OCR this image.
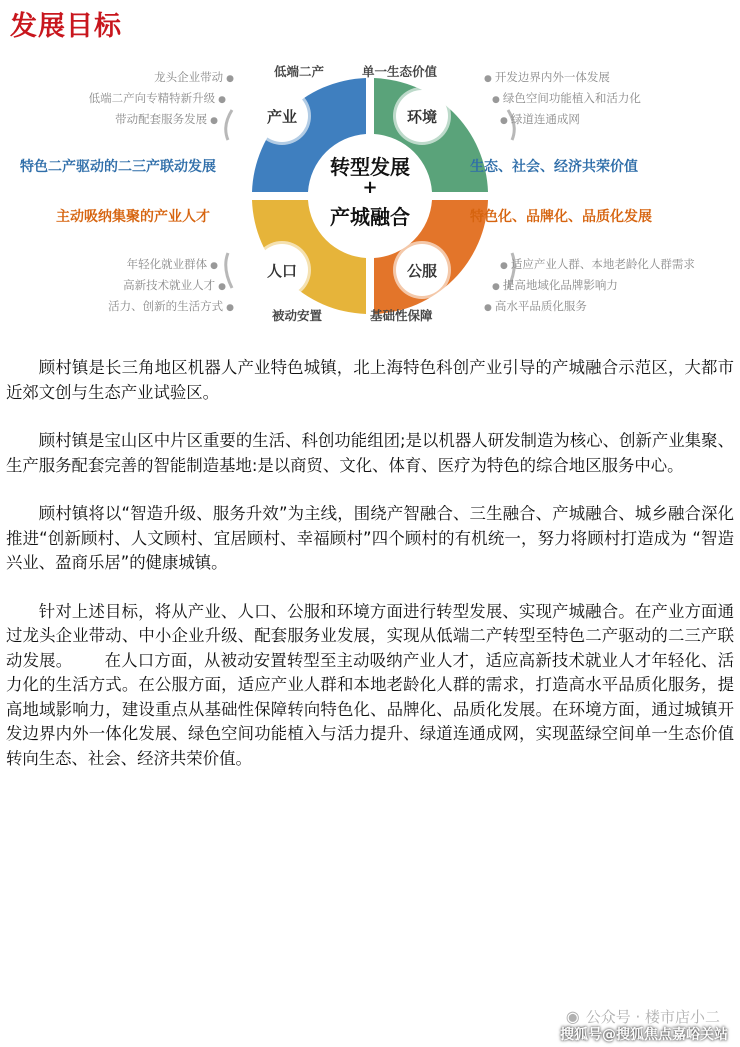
发展目标
产业	环境
人口	公服
转型发展
+
产城融合
低端二产	单一生态价值
被动安置	基础性保障
龙头企业带动 ●
低端二产向专精特新升级 ●
带动配套服务发展 ●
特色二产驱动的二三产联动发展
主动吸纳集聚的产业人才
年轻化就业群体 ●
高新技术就业人才 ●
活力、创新的生活方式 ●
● 开发边界内外一体发展
● 绿色空间功能植入和活力化
● 绿道连通成网
生态、社会、经济共荣价值
特色化、品牌化、品质化发展
● 适应产业人群、本地老龄化人群需求
● 提高地域化品牌影响力
● 高水平品质化服务

顾村镇是长三角地区机器人产业特色城镇，北上海特色科创产业引导的产城融合示范区，大都市近郊文创与生态产业试验区。

顾村镇是宝山区中片区重要的生活、科创功能组团;是以机器人研发制造为核心、创新产业集聚、生产服务配套完善的智能制造基地:是以商贸、文化、体育、医疗为特色的综合地区服务中心。

顾村镇将以“智造升级、服务升效”为主线，围绕产智融合、三生融合、产城融合、城乡融合深化推进“创新顾村、人文顾村、宜居顾村、幸福顾村”四个顾村的有机统一，努力将顾村打造成为 “智造兴业、盈商乐居”的健康城镇。

针对上述目标，将从产业、人口、公服和环境方面进行转型发展、实现产城融合。在产业方面通过龙头企业带动、中小企业升级、配套服务业发展，实现从低端二产转型至特色二产驱动的二三产联动发展。      在人口方面，从被动安置转型至主动吸纳产业人才，适应高新技术就业人才年轻化、活力化的生活方式。在公服方面，适应产业人群和本地老龄化人群的需求，打造高水平品质化服务，提高地域影响力，建设重点从基础性保障转向特色化、品牌化、品质化发展。在环境方面，通过城镇开发边界内外一体化发展、绿色空间功能植入与活力提升、绿道连通成网，实现蓝绿空间单一生态价值转向生态、社会、经济共荣价值。

◉ 公众号 · 楼市店小二
搜狐号@搜狐焦点嘉峪关站
